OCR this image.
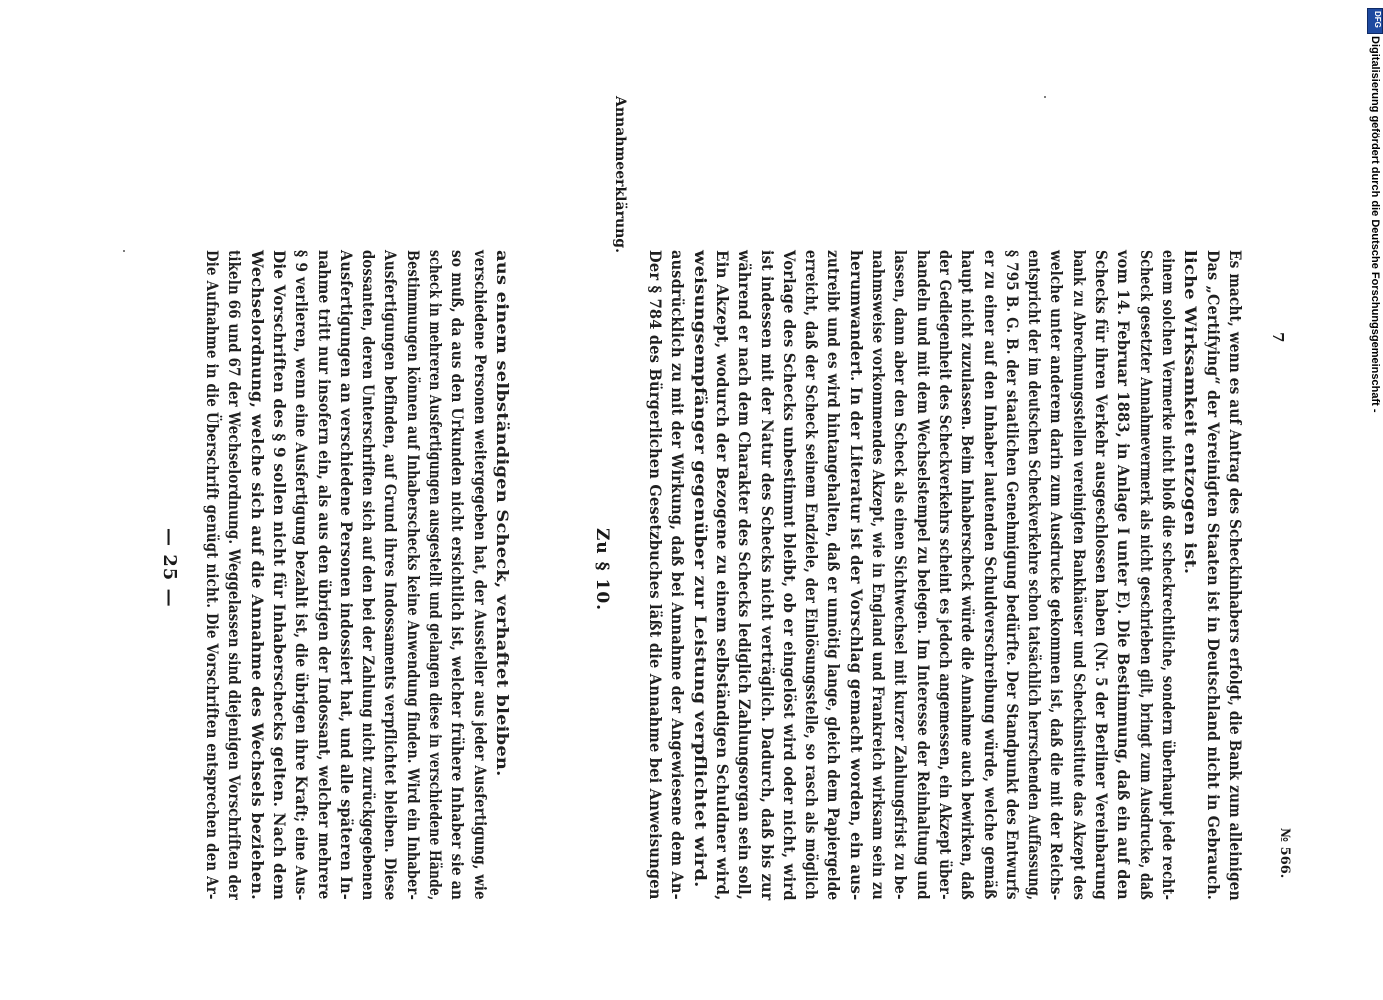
— 25 — Die Aufnahme in die Überschrift genügt nicht. Die Vorschriften entsprechen den Ar- tikeln 66 und 67 der Wechselordnung. Weggelassen sind diejenigen Vorschriften der Wechselordnung, welche sich auf die Annahme des Wechsels beziehen. Die Vorschriften des § 9 sollen nicht für Inhaberschecks gelten. Nach dem § 9 verlieren, wenn eine Ausfertigung bezahlt ist, die übrigen ihre Kraft; eine Aus- nahme tritt nur insofern ein, als aus den übrigen der Indossant, welcher mehrere Ausfertigungen an verschiedene Personen indossiert hat, und alle späteren In- dossanten, deren Unterschriften sich auf den bei der Zahlung nicht zurückgegebenen Ausfertigungen befinden, auf Grund ihres Indossaments verpflichtet bleiben. Diese Bestimmungen können auf Inhaberschecks keine Anwendung finden. Wird ein Inhaber- scheck in mehreren Ausfertigungen ausgestellt und gelangen diese in verschiedene Hände, so muß, da aus den Urkunden nicht ersichtlich ist, welcher frühere Inhaber sie an verschiedene Personen weitergegeben hat, der Aussteller aus jeder Ausfertigung, wie aus einem selbständigen Scheck, verhaftet bleiben.	Zu § 10. Der § 784 des Bürgerlichen Gesetzbuches läßt die Annahme bei Anweisungen ausdrücklich zu mit der Wirkung, daß bei Annahme der Angewiesene dem An- weisungsempfänger gegenüber zur Leistung verpflichtet wird. Ein Akzept, wodurch der Bezogene zu einem selbständigen Schuldner wird, während er nach dem Charakter des Schecks lediglich Zahlungsorgan sein soll, ist indessen mit der Natur des Schecks nicht verträglich. Dadurch, daß bis zur Vorlage des Schecks unbestimmt bleibt, ob er eingelöst wird oder nicht, wird erreicht, daß der Scheck seinem Endziele, der Einlösungsstelle, so rasch als möglich zutreibt und es wird hintangehalten, daß er unnötig lange, gleich dem Papiergelde herumwandert. In der Literatur ist der Vorschlag gemacht worden, ein aus- nahmsweise vorkommendes Akzept, wie in England und Frankreich wirksam sein zu lassen, dann aber den Scheck als einen Sichtwechsel mit kurzer Zahlungsfrist zu be- handeln und mit dem Wechselstempel zu belegen. Im Interesse der Reinhaltung und der Gediegenheit des Scheckverkehrs scheint es jedoch angemessen, ein Akzept über- haupt nicht zuzulassen. Beim Inhaberscheck würde die Annahme auch bewirken, daß er zu einer auf den Inhaber lautenden Schuldverschreibung würde, welche gemäß § 795 B. G. B. der staatlichen Genehmigung bedürfte. Der Standpunkt des Entwurfs entspricht der im deutschen Scheckverkehre schon tatsächlich herrschenden Auffassung, welche unter anderem darin zum Ausdrucke gekommen ist, daß die mit der Reichs- bank zu Abrechnungsstellen vereinigten Bankhäuser und Scheckinstitute das Akzept des Schecks für ihren Verkehr ausgeschlossen haben (Nr. 5 der Berliner Vereinbarung vom 14. Februar 1883, in Anlage I unter E). Die Bestimmung, daß ein auf den Scheck gesetzter Annahmevermerk als nicht geschrieben gilt, bringt zum Ausdrucke, daß einem solchen Vermerke nicht bloß die scheckrechtliche, sondern überhaupt jede recht- liche Wirksamkeit entzogen ist. Das „Certifying“ der Vereinigten Staaten ist in Deutschland nicht in Gebrauch. Es macht, wenn es auf Antrag des Scheckinhabers erfolgt, die Bank zum alleinigen
Annahmeerklärung.
№ 566.
7	Digitalisierung gefördert durch die Deutsche Forschungsgemeinschaft -
DFG
